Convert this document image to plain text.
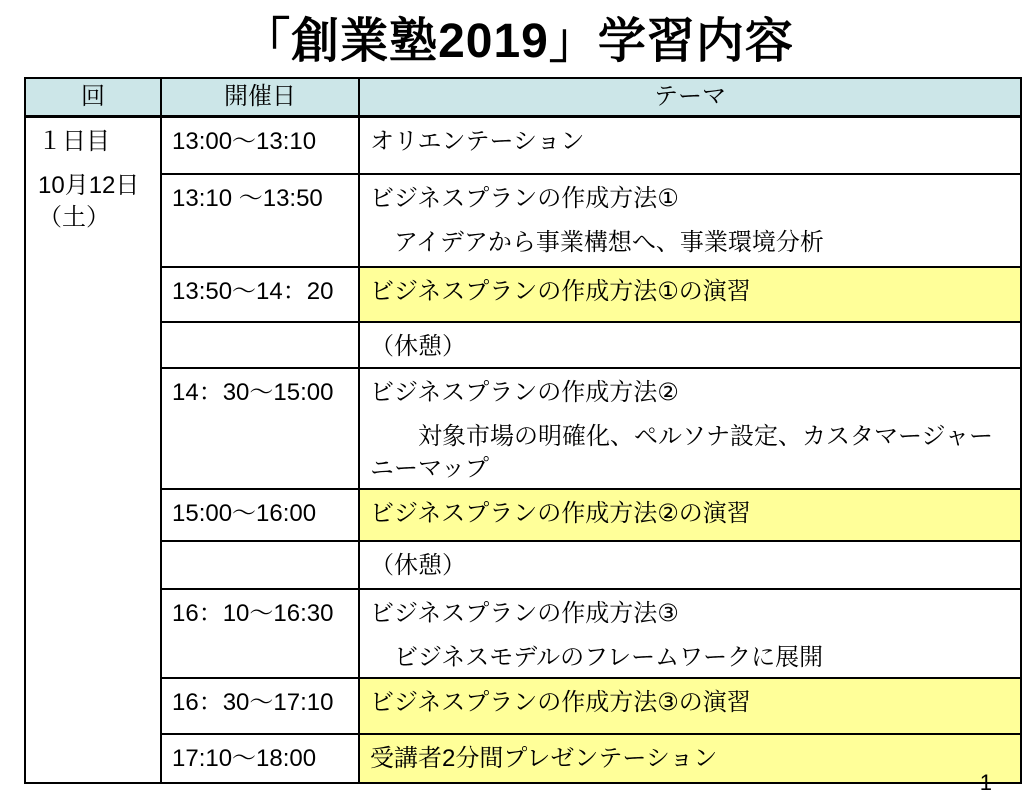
「創業塾2019」学習内容
回	開催日	テーマ

１日目
10月12日
（土）	13:00～13:10	オリエンテーション

	13:10 ～13:50	ビジネスプランの作成方法①
　アイデアから事業構想へ、事業環境分析

	13:50～14：20	ビジネスプランの作成方法①の演習

		（休憩）

	14：30～15:00	ビジネスプランの作成方法②
　　対象市場の明確化、ペルソナ設定、カスタマージャー
ニーマップ

	15:00～16:00	ビジネスプランの作成方法②の演習

		（休憩）

	16：10～16:30	ビジネスプランの作成方法③
　ビジネスモデルのフレームワークに展開

	16：30～17:10	ビジネスプランの作成方法③の演習

	17:10～18:00	受講者2分間プレゼンテーション
1
